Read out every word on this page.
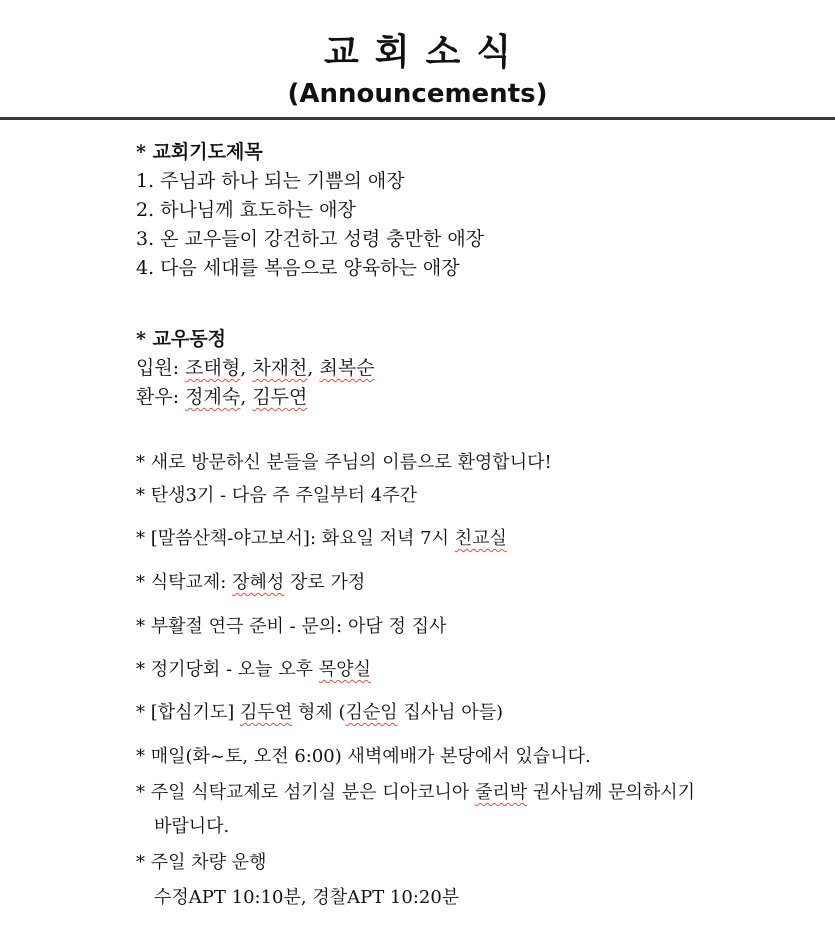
교회소식
(Announcements)
* 교회기도제목
1. 주님과 하나 되는 기쁨의 애장
2. 하나님께 효도하는 애장
3. 온 교우들이 강건하고 성령 충만한 애장
4. 다음 세대를 복음으로 양육하는 애장
* 교우동정
입원: 조태형, 차재천, 최복순
환우: 정계숙, 김두연
* 새로 방문하신 분들을 주님의 이름으로 환영합니다!
* 탄생3기 - 다음 주 주일부터 4주간
* [말씀산책-야고보서]: 화요일 저녁 7시 친교실
* 식탁교제: 장혜성 장로 가정
* 부활절 연극 준비 - 문의: 아담 정 집사
* 정기당회 - 오늘 오후 목양실
* [합심기도] 김두연 형제 (김순임 집사님 아들)
* 매일(화~토, 오전 6:00) 새벽예배가 본당에서 있습니다.
* 주일 식탁교제로 섬기실 분은 디아코니아 줄리박 권사님께 문의하시기
바랍니다.
* 주일 차량 운행
수정APT 10:10분, 경찰APT 10:20분
